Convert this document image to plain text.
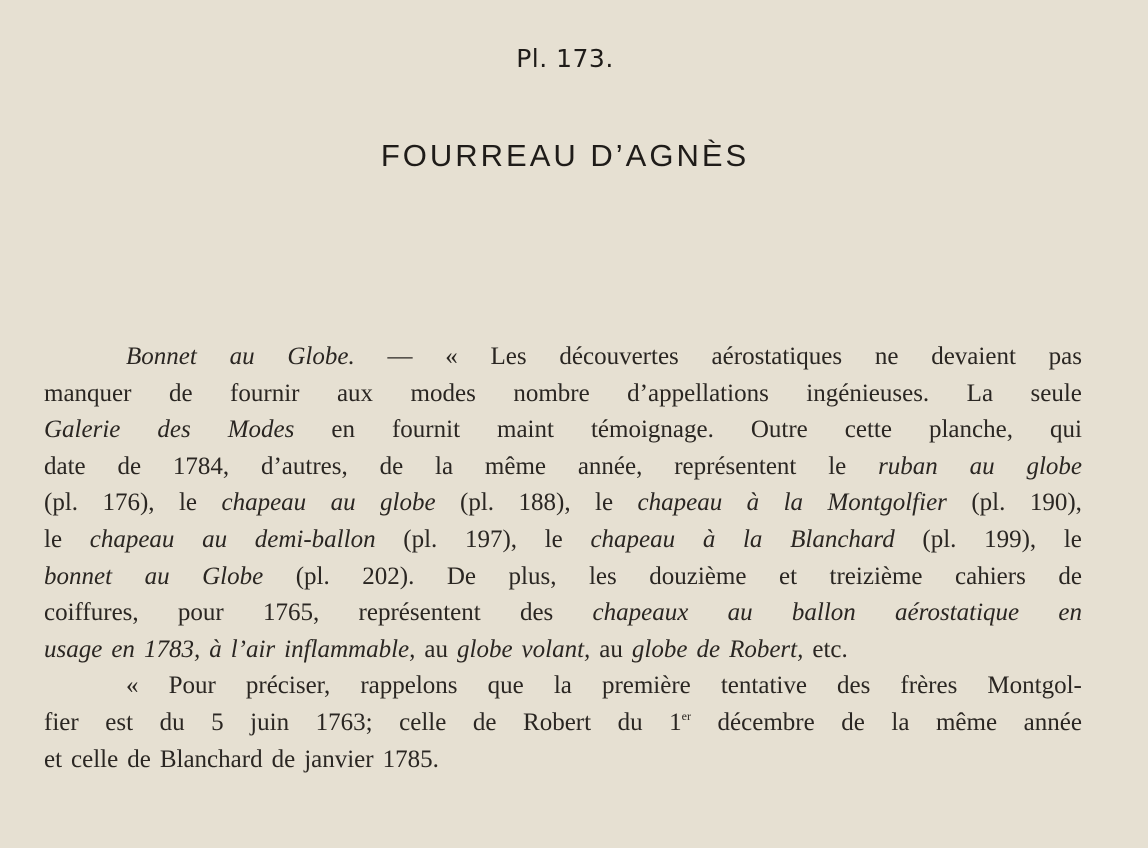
Pl. 173.
FOURREAU D’AGNÈS
Bonnet au Globe. — « Les découvertes aérostatiques ne devaient pas
manquer de fournir aux modes nombre d’appellations ingénieuses. La seule
Galerie des Modes en fournit maint témoignage. Outre cette planche, qui
date de 1784, d’autres, de la même année, représentent le ruban au globe
(pl. 176), le chapeau au globe (pl. 188), le chapeau à la Montgolfier (pl. 190),
le chapeau au demi-ballon (pl. 197), le chapeau à la Blanchard (pl. 199), le
bonnet au Globe (pl. 202). De plus, les douzième et treizième cahiers de
coiffures, pour 1765, représentent des chapeaux au ballon aérostatique en
usage en 1783, à l’air inflammable, au globe volant, au globe de Robert, etc.
« Pour préciser, rappelons que la première tentative des frères Montgol-
fier est du 5 juin 1763; celle de Robert du 1er décembre de la même année
et celle de Blanchard de janvier 1785.
